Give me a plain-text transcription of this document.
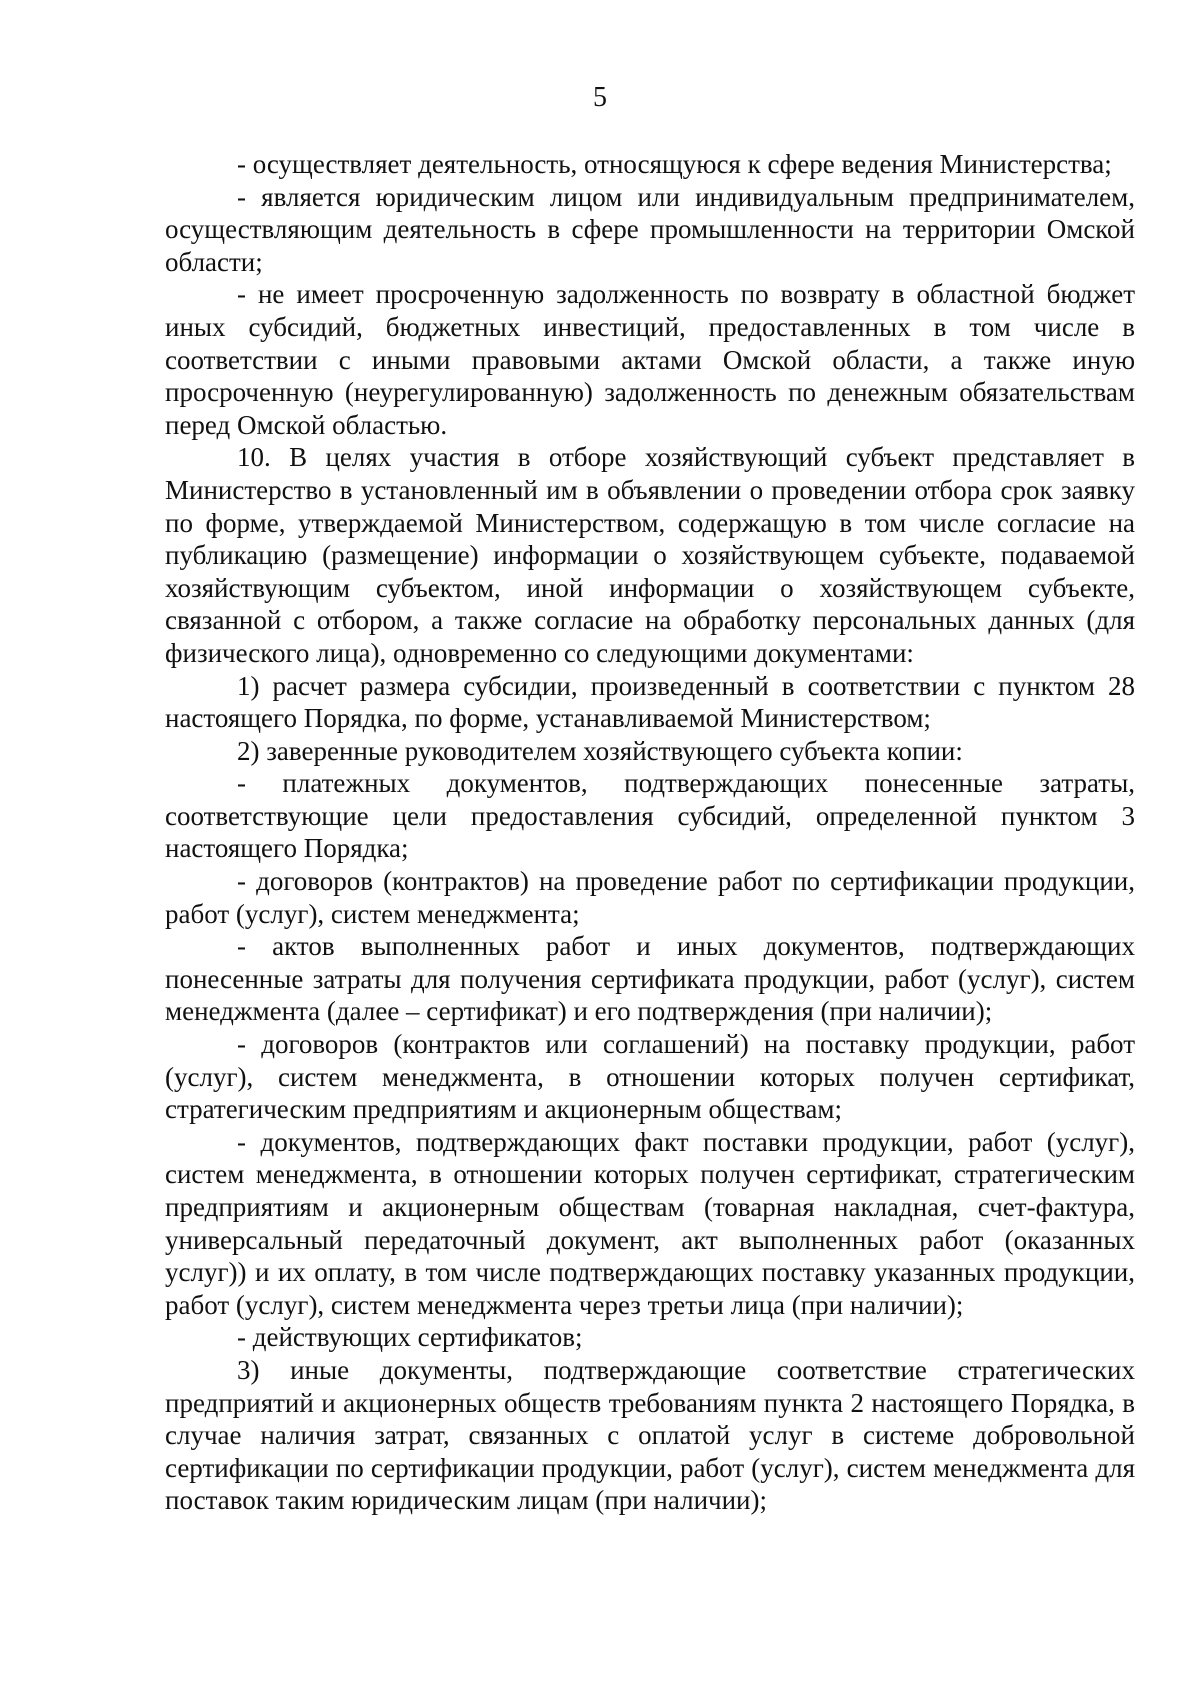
5

- осуществляет деятельность, относящуюся к сфере ведения Министерства;

- является юридическим лицом или индивидуальным предпринимателем, осуществляющим деятельность в сфере промышленности на территории Омской области;

- не имеет просроченную задолженность по возврату в областной бюджет иных субсидий, бюджетных инвестиций, предоставленных в том числе в соответствии с иными правовыми актами Омской области, а также иную просроченную (неурегулированную) задолженность по денежным обязательствам перед Омской областью.

10. В целях участия в отборе хозяйствующий субъект представляет в Министерство в установленный им в объявлении о проведении отбора срок заявку по форме, утверждаемой Министерством, содержащую в том числе согласие на публикацию (размещение) информации о хозяйствующем субъекте, подаваемой хозяйствующим субъектом, иной информации о хозяйствующем субъекте, связанной с отбором, а также согласие на обработку персональных данных (для физического лица), одновременно со следующими документами:

1) расчет размера субсидии, произведенный в соответствии с пунктом 28 настоящего Порядка, по форме, устанавливаемой Министерством;

2) заверенные руководителем хозяйствующего субъекта копии:

- платежных документов, подтверждающих понесенные затраты, соответствующие цели предоставления субсидий, определенной пунктом 3 настоящего Порядка;

- договоров (контрактов) на проведение работ по сертификации продукции, работ (услуг), систем менеджмента;

- актов выполненных работ и иных документов, подтверждающих понесенные затраты для получения сертификата продукции, работ (услуг), систем менеджмента (далее – сертификат) и его подтверждения (при наличии);

- договоров (контрактов или соглашений) на поставку продукции, работ (услуг), систем менеджмента, в отношении которых получен сертификат, стратегическим предприятиям и акционерным обществам;

- документов, подтверждающих факт поставки продукции, работ (услуг), систем менеджмента, в отношении которых получен сертификат, стратегическим предприятиям и акционерным обществам (товарная накладная, счет-фактура, универсальный передаточный документ, акт выполненных работ (оказанных услуг)) и их оплату, в том числе подтверждающих поставку указанных продукции, работ (услуг), систем менеджмента через третьи лица (при наличии);

- действующих сертификатов;

3) иные документы, подтверждающие соответствие стратегических предприятий и акционерных обществ требованиям пункта 2 настоящего Порядка, в случае наличия затрат, связанных с оплатой услуг в системе добровольной сертификации по сертификации продукции, работ (услуг), систем менеджмента для поставок таким юридическим лицам (при наличии);
